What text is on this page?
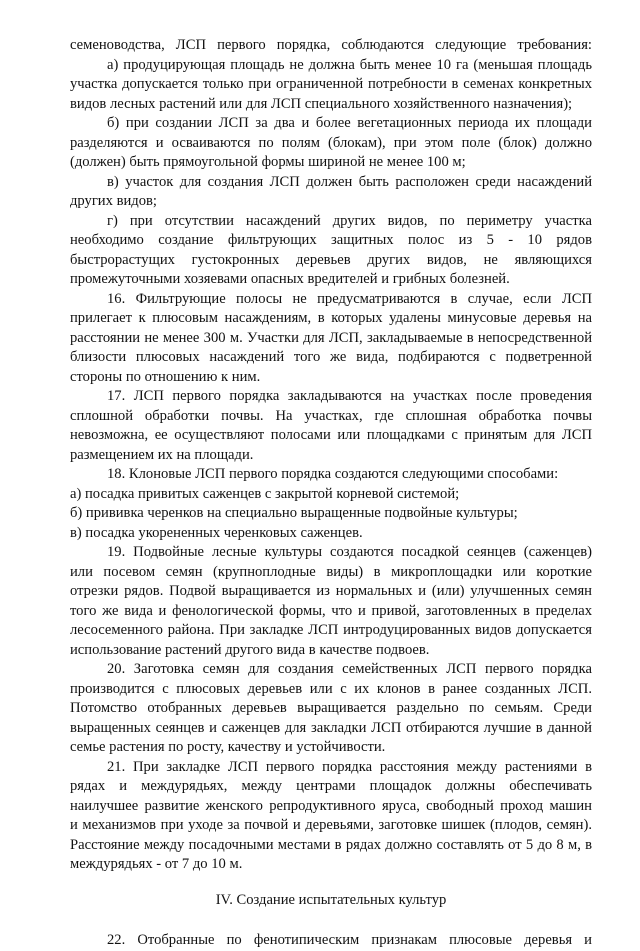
семеноводства, ЛСП первого порядка, соблюдаются следующие требования:
а) продуцирующая площадь не должна быть менее 10 га (меньшая площадь
участка допускается только при ограниченной потребности в семенах конкретных
видов лесных растений или для ЛСП специального хозяйственного назначения);
б) при создании ЛСП за два и более вегетационных периода их площади
разделяются и осваиваются по полям (блокам), при этом поле (блок) должно
(должен) быть прямоугольной формы шириной не менее 100 м;
в) участок для создания ЛСП должен быть расположен среди насаждений
других видов;
г) при отсутствии насаждений других видов, по периметру участка
необходимо создание фильтрующих защитных полос из 5 - 10 рядов
быстрорастущих густокронных деревьев других видов, не являющихся
промежуточными хозяевами опасных вредителей и грибных болезней.
16. Фильтрующие полосы не предусматриваются в случае, если ЛСП
прилегает к плюсовым насаждениям, в которых удалены минусовые деревья на
расстоянии не менее 300 м. Участки для ЛСП, закладываемые в непосредственной
близости плюсовых насаждений того же вида, подбираются с подветренной
стороны по отношению к ним.
17. ЛСП первого порядка закладываются на участках после проведения
сплошной обработки почвы. На участках, где сплошная обработка почвы
невозможна, ее осуществляют полосами или площадками с принятым для ЛСП
размещением их на площади.
18. Клоновые ЛСП первого порядка создаются следующими способами:
а) посадка привитых саженцев с закрытой корневой системой;
б) прививка черенков на специально выращенные подвойные культуры;
в) посадка укорененных черенковых саженцев.
19. Подвойные лесные культуры создаются посадкой сеянцев (саженцев)
или посевом семян (крупноплодные виды) в микроплощадки или короткие
отрезки рядов. Подвой выращивается из нормальных и (или) улучшенных семян
того же вида и фенологической формы, что и привой, заготовленных в пределах
лесосеменного района. При закладке ЛСП интродуцированных видов допускается
использование растений другого вида в качестве подвоев.
20. Заготовка семян для создания семейственных ЛСП первого порядка
производится с плюсовых деревьев или с их клонов в ранее созданных ЛСП.
Потомство отобранных деревьев выращивается раздельно по семьям. Среди
выращенных сеянцев и саженцев для закладки ЛСП отбираются лучшие в данной
семье растения по росту, качеству и устойчивости.
21. При закладке ЛСП первого порядка расстояния между растениями в
рядах и междурядьях, между центрами площадок должны обеспечивать
наилучшее развитие женского репродуктивного яруса, свободный проход машин
и механизмов при уходе за почвой и деревьями, заготовке шишек (плодов, семян).
Расстояние между посадочными местами в рядах должно составлять от 5 до 8 м, в
междурядьях - от 7 до 10 м.
IV. Создание испытательных культур
22. Отобранные по фенотипическим признакам плюсовые деревья и
